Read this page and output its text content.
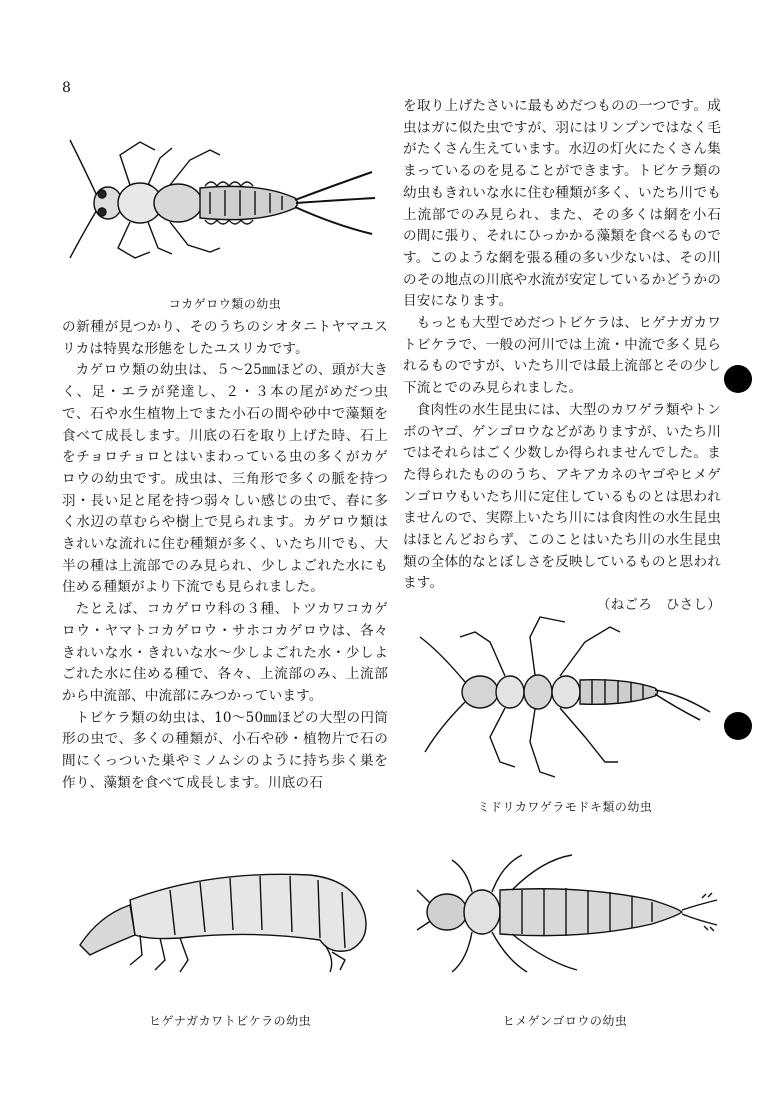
8
コカゲロウ類の幼虫

の新種が見つかり、そのうちのシオタニトヤマユスリカは特異な形態をしたユスリカです。

カゲロウ類の幼虫は、５〜25㎜ほどの、頭が大きく、足・エラが発達し、２・３本の尾がめだつ虫で、石や水生植物上でまた小石の間や砂中で藻類を食べて成長します。川底の石を取り上げた時、石上をチョロチョロとはいまわっている虫の多くがカゲロウの幼虫です。成虫は、三角形で多くの脈を持つ羽・長い足と尾を持つ弱々しい感じの虫で、春に多く水辺の草むらや樹上で見られます。カゲロウ類はきれいな流れに住む種類が多く、いたち川でも、大半の種は上流部でのみ見られ、少しよごれた水にも住める種類がより下流でも見られました。

たとえば、コカゲロウ科の３種、トツカワコカゲロウ・ヤマトコカゲロウ・サホコカゲロウは、各々きれいな水・きれいな水〜少しよごれた水・少しよごれた水に住める種で、各々、上流部のみ、上流部から中流部、中流部にみつかっています。

トビケラ類の幼虫は、10〜50㎜ほどの大型の円筒形の虫で、多くの種類が、小石や砂・植物片で石の間にくっついた巣やミノムシのように持ち歩く巣を作り、藻類を食べて成長します。川底の石

を取り上げたさいに最もめだつものの一つです。成虫はガに似た虫ですが、羽にはリンプンではなく毛がたくさん生えています。水辺の灯火にたくさん集まっているのを見ることができます。トビケラ類の幼虫もきれいな水に住む種類が多く、いたち川でも上流部でのみ見られ、また、その多くは網を小石の間に張り、それにひっかかる藻類を食べるものです。このような網を張る種の多い少ないは、その川のその地点の川底や水流が安定しているかどうかの目安になります。

もっとも大型でめだつトビケラは、ヒゲナガカワトビケラで、一般の河川では上流・中流で多く見られるものですが、いたち川では最上流部とその少し下流とでのみ見られました。

食肉性の水生昆虫には、大型のカワゲラ類やトンボのヤゴ、ゲンゴロウなどがありますが、いたち川ではそれらはごく少数しか得られませんでした。また得られたもののうち、アキアカネのヤゴやヒメゲンゴロウもいたち川に定住しているものとは思われませんので、実際上いたち川には食肉性の水生昆虫はほとんどおらず、このことはいたち川の水生昆虫類の全体的なとぼしさを反映しているものと思われます。

（ねごろ　ひさし）

ミドリカワゲラモドキ類の幼虫
ヒゲナガカワトビケラの幼虫	ヒメゲンゴロウの幼虫
